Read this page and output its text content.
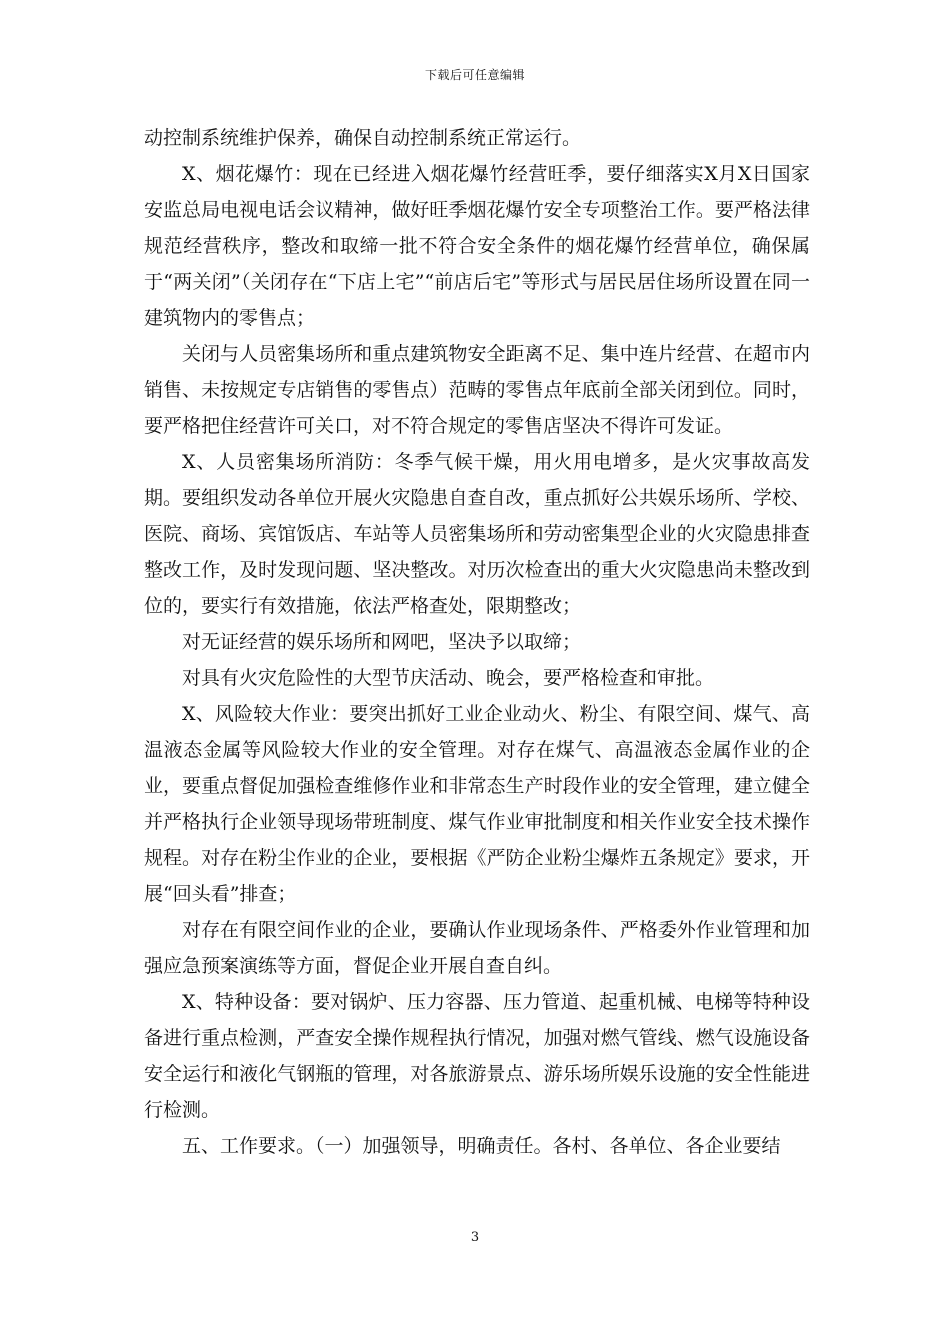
下载后可任意编辑

动控制系统维护保养，确保自动控制系统正常运行。

X、烟花爆竹：现在已经进入烟花爆竹经营旺季，要仔细落实X月X日国家安监总局电视电话会议精神，做好旺季烟花爆竹安全专项整治工作。要严格法律规范经营秩序，整改和取缔一批不符合安全条件的烟花爆竹经营单位，确保属于“两关闭”（关闭存在“下店上宅”“前店后宅”等形式与居民居住场所设置在同一建筑物内的零售点；

关闭与人员密集场所和重点建筑物安全距离不足、集中连片经营、在超市内销售、未按规定专店销售的零售点）范畴的零售点年底前全部关闭到位。同时，要严格把住经营许可关口，对不符合规定的零售店坚决不得许可发证。

X、人员密集场所消防：冬季气候干燥，用火用电增多，是火灾事故高发期。要组织发动各单位开展火灾隐患自查自改，重点抓好公共娱乐场所、学校、医院、商场、宾馆饭店、车站等人员密集场所和劳动密集型企业的火灾隐患排查整改工作，及时发现问题、坚决整改。对历次检查出的重大火灾隐患尚未整改到位的，要实行有效措施，依法严格查处，限期整改；

对无证经营的娱乐场所和网吧，坚决予以取缔；

对具有火灾危险性的大型节庆活动、晚会，要严格检查和审批。

X、风险较大作业：要突出抓好工业企业动火、粉尘、有限空间、煤气、高温液态金属等风险较大作业的安全管理。对存在煤气、高温液态金属作业的企业，要重点督促加强检查维修作业和非常态生产时段作业的安全管理，建立健全并严格执行企业领导现场带班制度、煤气作业审批制度和相关作业安全技术操作规程。对存在粉尘作业的企业，要根据《严防企业粉尘爆炸五条规定》要求，开展“回头看”排查；

对存在有限空间作业的企业，要确认作业现场条件、严格委外作业管理和加强应急预案演练等方面，督促企业开展自查自纠。

X、特种设备：要对锅炉、压力容器、压力管道、起重机械、电梯等特种设备进行重点检测，严查安全操作规程执行情况，加强对燃气管线、燃气设施设备安全运行和液化气钢瓶的管理，对各旅游景点、游乐场所娱乐设施的安全性能进行检测。

五、工作要求。（一）加强领导，明确责任。各村、各单位、各企业要结

3
